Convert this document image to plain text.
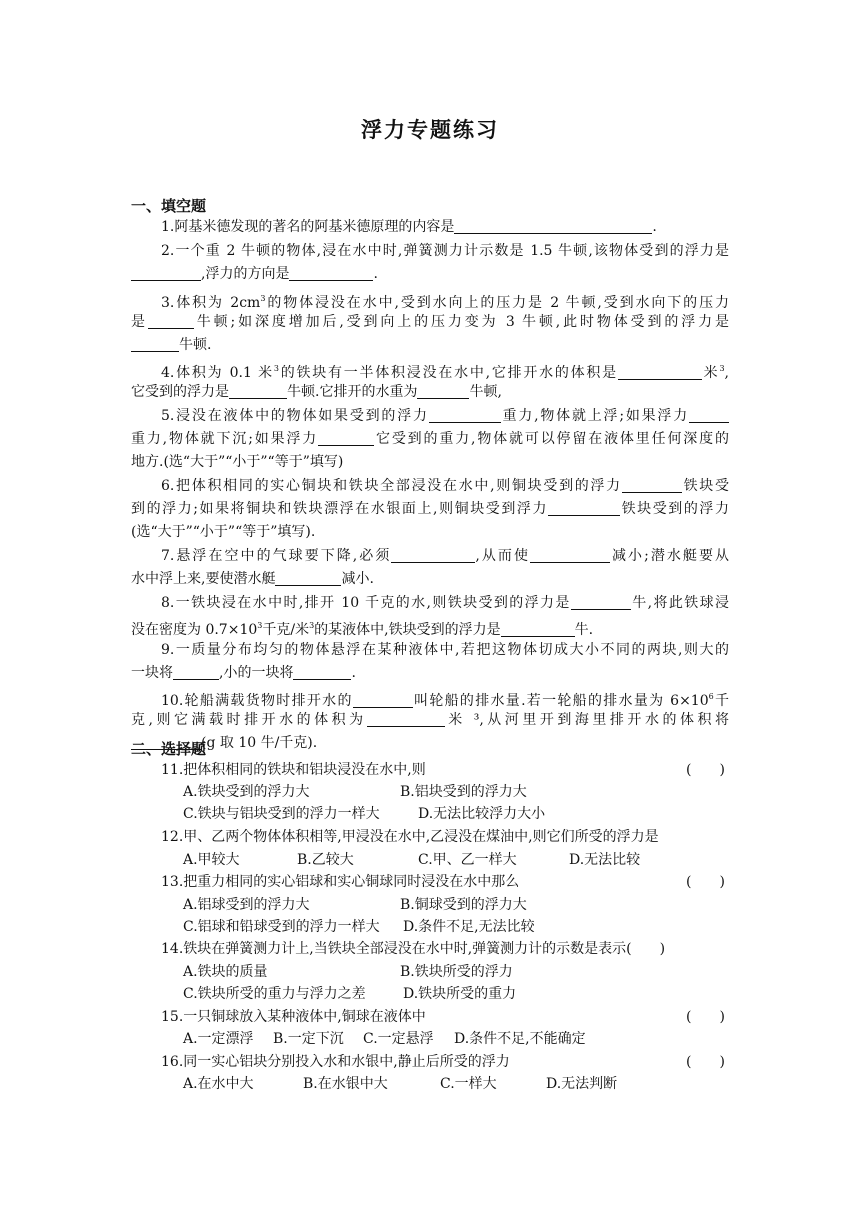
浮力专题练习
一、填空题
1.阿基米德发现的著名的阿基米德原理的内容是	.
2.一个重 2 牛顿的物体,浸在水中时,弹簧测力计示数是 1.5 牛顿,该物体受到的浮力是
,浮力的方向是	.
3.体积为 $2cm^3$的物体浸没在水中,受到水向上的压力是 2 牛顿,受到水向下的压力
是	牛顿;如深度增加后,受到向上的压力变为 3 牛顿,此时物体受到的浮力是
牛顿.
4.体积为 0.1 米$^3$的铁块有一半体积浸没在水中,它排开水的体积是	米$^3$,
它受到的浮力是	牛顿.它排开的水重为	牛顿,
5.浸没在液体中的物体如果受到的浮力	重力,物体就上浮;如果浮力
重力,物体就下沉;如果浮力	它受到的重力,物体就可以停留在液体里任何深度的
地方.(选“大于”“小于”“等于”填写)
6.把体积相同的实心铜块和铁块全部浸没在水中,则铜块受到的浮力	铁块受
到的浮力;如果将铜块和铁块漂浮在水银面上,则铜块受到浮力	铁块受到的浮力
(选“大于”“小于”“等于”填写).
7.悬浮在空中的气球要下降,必须	,从而使	减小;潜水艇要从
水中浮上来,要使潜水艇	减小.
8.一铁块浸在水中时,排开 10 千克的水,则铁块受到的浮力是	牛,将此铁球浸
没在密度为 $0.7\times 10^3$千克/米$^3$的某液体中,铁块受到的浮力是	牛.
9.一质量分布均匀的物体悬浮在某种液体中,若把这物体切成大小不同的两块,则大的
一块将	,小的一块将	.
10.轮船满载货物时排开水的	叫轮船的排水量.若一轮船的排水量为 $6\times 10^6$千
克,则它满载时排开水的体积为	米 ³,从河里开到海里排开水的体积将
(g 取 10 牛/千克).
二、选择题
11.把体积相同的铁块和铝块浸没在水中,则	(　　)
A.铁块受到的浮力大	B.铝块受到的浮力大
C.铁块与铝块受到的浮力一样大	D.无法比较浮力大小
12.甲、乙两个物体体积相等,甲浸没在水中,乙浸没在煤油中,则它们所受的浮力是
A.甲较大	B.乙较大	C.甲、乙一样大	D.无法比较
13.把重力相同的实心铝球和实心铜球同时浸没在水中那么	(　　)
A.铝球受到的浮力大	B.铜球受到的浮力大
C.铝球和铅球受到的浮力一样大 D.条件不足,无法比较
14.铁块在弹簧测力计上,当铁块全部浸没在水中时,弹簧测力计的示数是表示(　　)
A.铁块的质量	B.铁块所受的浮力
C.铁块所受的重力与浮力之差	D.铁块所受的重力
15.一只铜球放入某种液体中,铜球在液体中	(　　)
A.一定漂浮 B.一定下沉 C.一定悬浮 D.条件不足,不能确定
16.同一实心铝块分别投入水和水银中,静止后所受的浮力	(　　)
A.在水中大	B.在水银中大	C.一样大	D.无法判断
